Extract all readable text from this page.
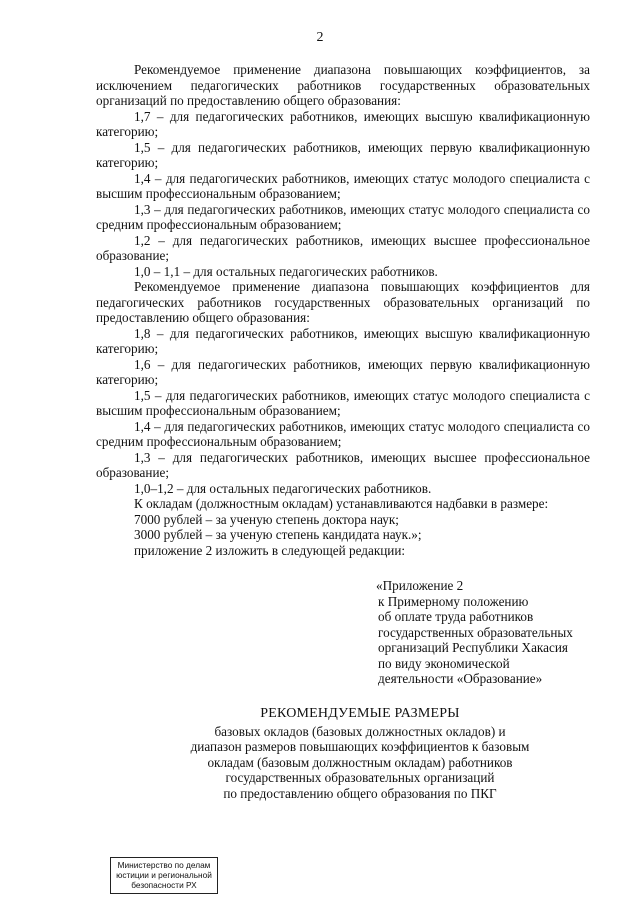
2

Рекомендуемое применение диапазона повышающих коэффициентов, за исключением педагогических работников государственных образовательных организаций по предоставлению общего образования:

1,7 – для педагогических работников, имеющих высшую квалификационную категорию;

1,5 – для педагогических работников, имеющих первую квалификационную категорию;

1,4 – для педагогических работников, имеющих статус молодого специалиста с высшим профессиональным образованием;

1,3 – для педагогических работников, имеющих статус молодого специалиста со средним профессиональным образованием;

1,2 – для педагогических работников, имеющих высшее профессиональное образование;

1,0 – 1,1 – для остальных педагогических работников.

Рекомендуемое применение диапазона повышающих коэффициентов для педагогических работников государственных образовательных организаций по предоставлению общего образования:

1,8 – для педагогических работников, имеющих высшую квалификационную категорию;

1,6 – для педагогических работников, имеющих первую квалификационную категорию;

1,5 – для педагогических работников, имеющих статус молодого специалиста с высшим профессиональным образованием;

1,4 – для педагогических работников, имеющих статус молодого специалиста со средним профессиональным образованием;

1,3 – для педагогических работников, имеющих высшее профессиональное образование;

1,0–1,2 – для остальных педагогических работников.

К окладам (должностным окладам) устанавливаются надбавки в размере:

7000 рублей – за ученую степень доктора наук;

3000 рублей – за ученую степень кандидата наук.»;

приложение 2 изложить в следующей редакции:

«Приложение 2
к Примерному положению
об оплате труда работников
государственных образовательных
организаций Республики Хакасия
по виду экономической
деятельности «Образование»
РЕКОМЕНДУЕМЫЕ РАЗМЕРЫ
базовых окладов (базовых должностных окладов) и
диапазон размеров повышающих коэффициентов к базовым
окладам (базовым должностным окладам) работников
государственных образовательных организаций
по предоставлению общего образования по ПКГ
Министерство по делам
юстиции и региональной
безопасности РХ
